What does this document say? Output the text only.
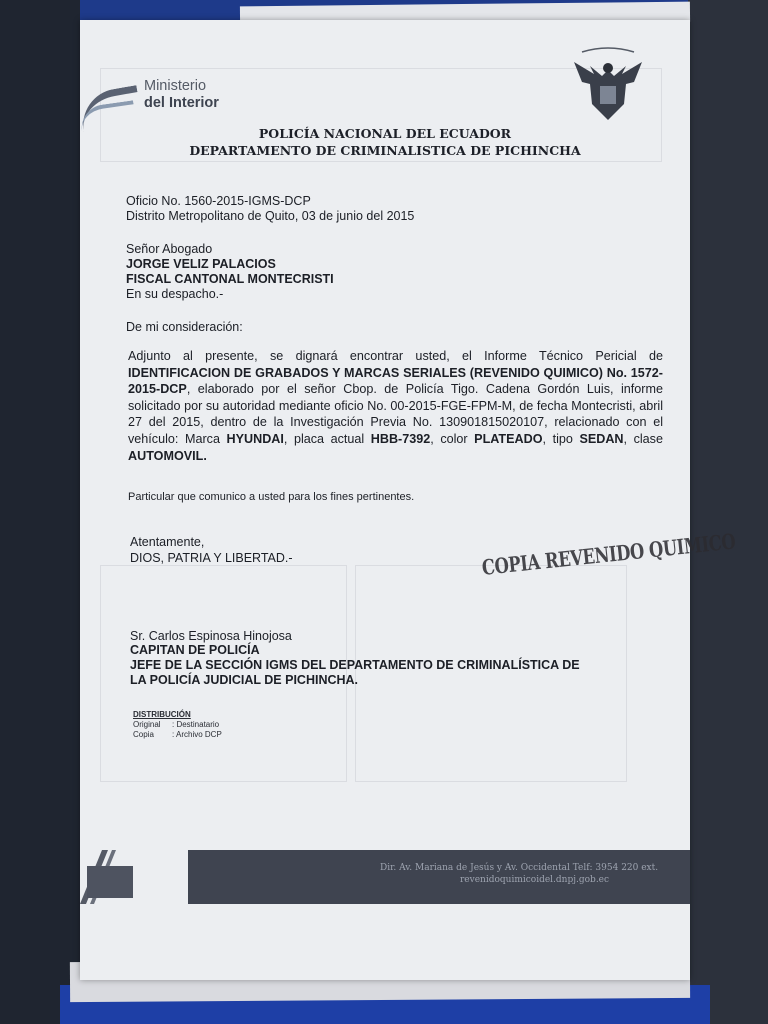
Ministerio
del Interior
POLICÍA NACIONAL DEL ECUADOR
DEPARTAMENTO DE CRIMINALISTICA DE PICHINCHA
Oficio No. 1560-2015-IGMS-DCP
Distrito Metropolitano de Quito, 03 de junio del 2015
Señor Abogado
JORGE VELIZ PALACIOS
FISCAL CANTONAL MONTECRISTI
En su despacho.-
De mi consideración:
Adjunto al presente, se dignará encontrar usted, el Informe Técnico Pericial de IDENTIFICACION DE GRABADOS Y MARCAS SERIALES (REVENIDO QUIMICO) No. 1572-2015-DCP, elaborado por el señor Cbop. de Policía Tigo. Cadena Gordón Luis, informe solicitado por su autoridad mediante oficio No. 00-2015-FGE-FPM-M, de fecha Montecristi, abril 27 del 2015, dentro de la Investigación Previa No. 130901815020107, relacionado con el vehículo: Marca HYUNDAI, placa actual HBB-7392, color PLATEADO, tipo SEDAN, clase AUTOMOVIL.
Particular que comunico a usted para los fines pertinentes.
Atentamente,
DIOS, PATRIA Y LIBERTAD.-	COPIA REVENIDO QUIMICO
Sr. Carlos Espinosa Hinojosa
CAPITAN DE POLICÍA
JEFE DE LA SECCIÓN IGMS DEL DEPARTAMENTO DE CRIMINALÍSTICA DE
LA POLICÍA JUDICIAL DE PICHINCHA.
DISTRIBUCIÓN
Original : Destinatario
Copia : Archivo DCP
Dir. Av. Mariana de Jesús y Av. Occidental Telf: 3954 220 ext.
revenidoquimicoidel.dnpj.gob.ec
